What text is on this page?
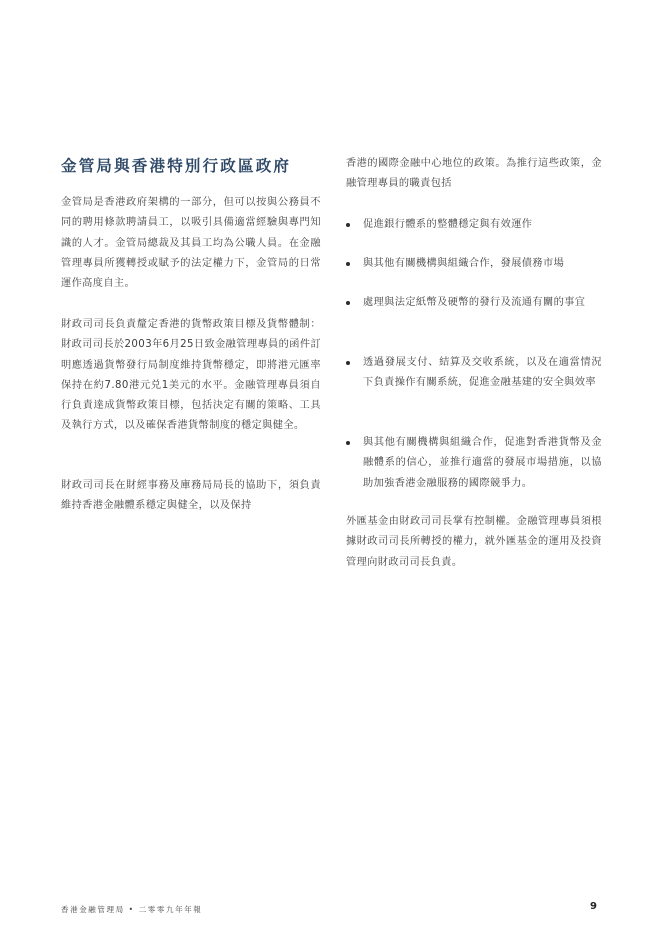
金管局與香港特別行政區政府

金管局是香港政府架構的一部分，但可以按與公務員不同的聘用條款聘請員工，以吸引具備適當經驗與專門知識的人才。金管局總裁及其員工均為公職人員。在金融管理專員所獲轉授或賦予的法定權力下，金管局的日常運作高度自主。

財政司司長負責釐定香港的貨幣政策目標及貨幣體制：財政司司長於2003年6月25日致金融管理專員的函件訂明應透過貨幣發行局制度維持貨幣穩定，即將港元匯率保持在約7.80港元兑1美元的水平。金融管理專員須自行負責達成貨幣政策目標，包括決定有關的策略、工具及執行方式，以及確保香港貨幣制度的穩定與健全。

財政司司長在財經事務及庫務局局長的協助下，須負責維持香港金融體系穩定與健全，以及保持

香港的國際金融中心地位的政策。為推行這些政策，金融管理專員的職責包括

促進銀行體系的整體穩定與有效運作
與其他有關機構與組織合作，發展債務市場
處理與法定紙幣及硬幣的發行及流通有關的事宜
透過發展支付、結算及交收系統，以及在適當情況下負責操作有關系統，促進金融基建的安全與效率
與其他有關機構與組織合作，促進對香港貨幣及金融體系的信心，並推行適當的發展市場措施，以協助加強香港金融服務的國際競爭力。

外匯基金由財政司司長掌有控制權。金融管理專員須根據財政司司長所轉授的權力，就外匯基金的運用及投資管理向財政司司長負責。

香港金融管理局 • 二零零九年年報	9
